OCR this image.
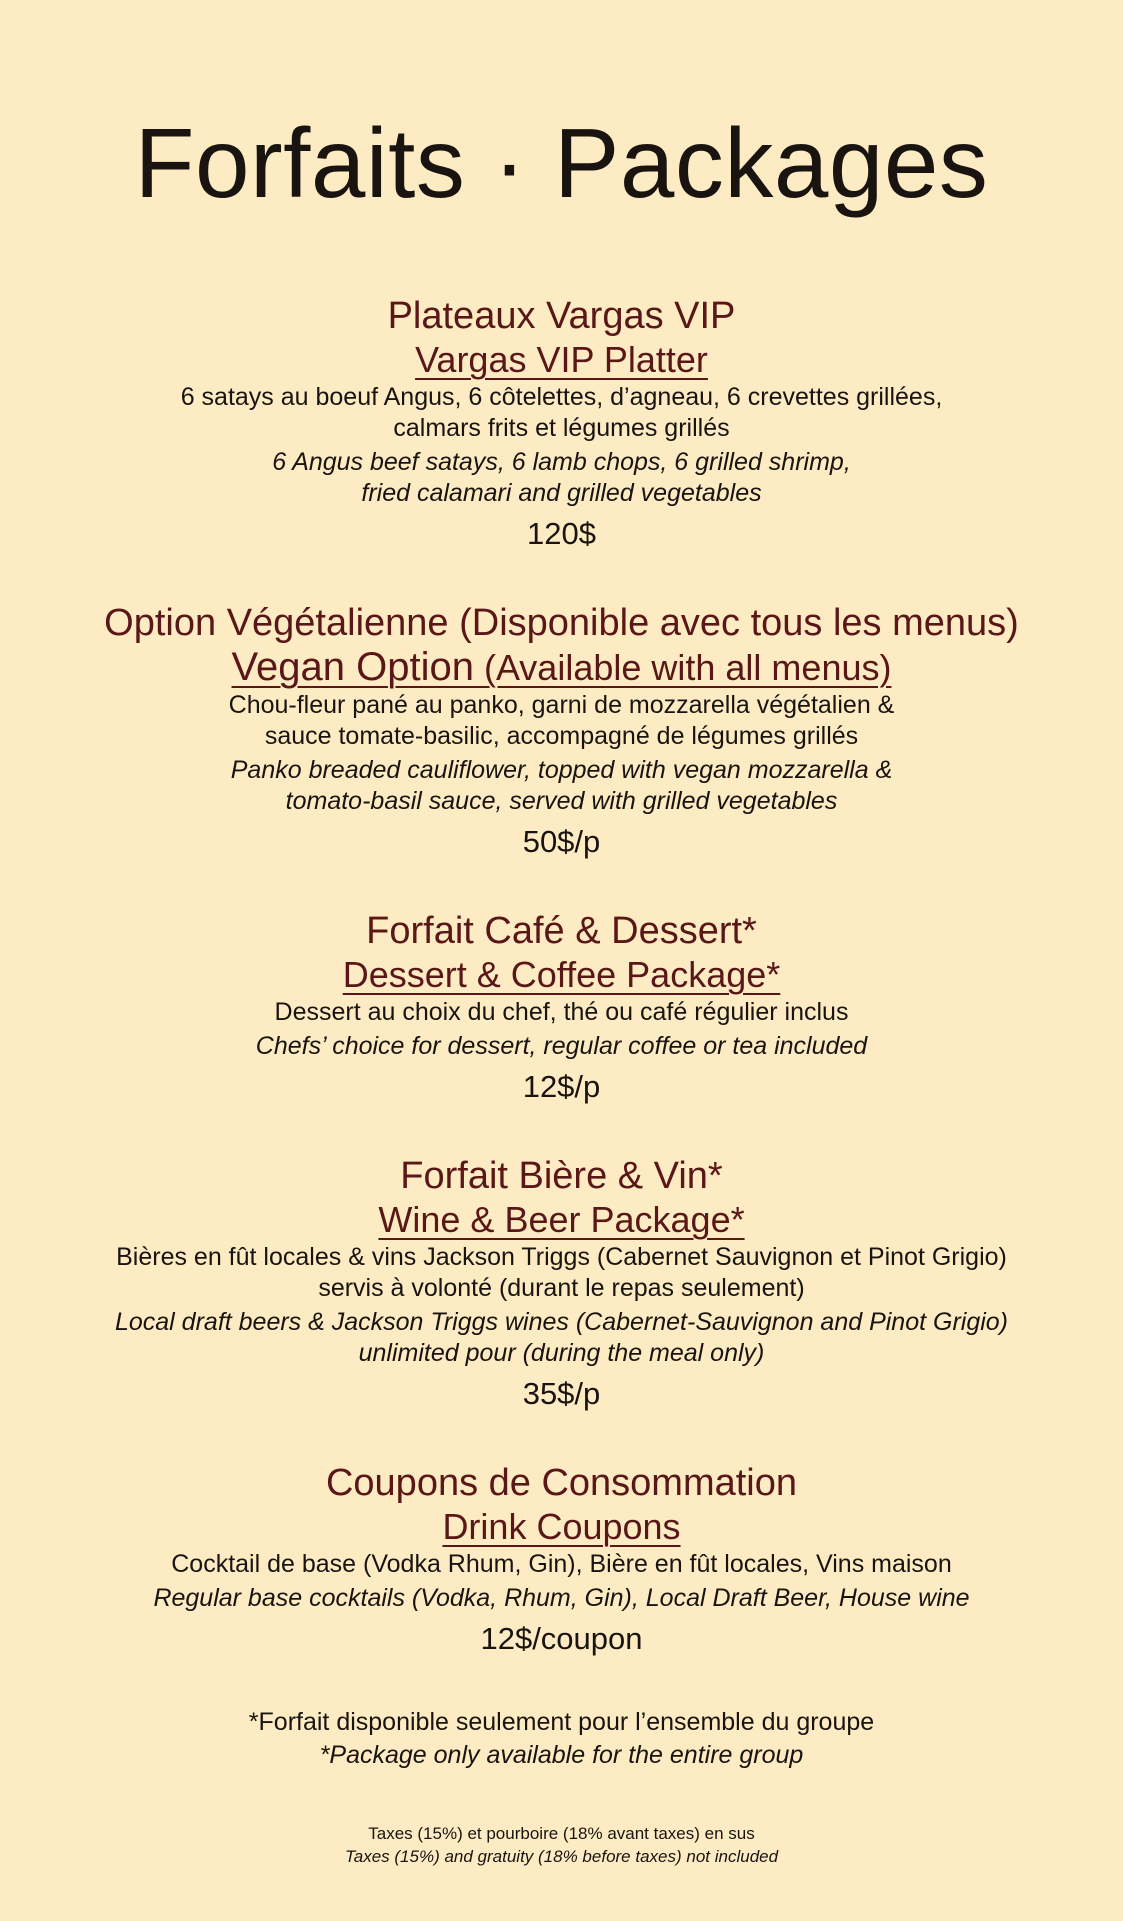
Forfaits · Packages
Plateaux Vargas VIP
Vargas VIP Platter
6 satays au boeuf Angus, 6 côtelettes, d’agneau, 6 crevettes grillées,
calmars frits et légumes grillés
6 Angus beef satays, 6 lamb chops, 6 grilled shrimp,
fried calamari and grilled vegetables
120$
Option Végétalienne (Disponible avec tous les menus)
Vegan Option (Available with all menus)
Chou-fleur pané au panko, garni de mozzarella végétalien &
sauce tomate-basilic, accompagné de légumes grillés
Panko breaded cauliflower, topped with vegan mozzarella &
tomato-basil sauce, served with grilled vegetables
50$/p
Forfait Café & Dessert*
Dessert & Coffee Package*
Dessert au choix du chef, thé ou café régulier inclus
Chefs’ choice for dessert, regular coffee or tea included
12$/p
Forfait Bière & Vin*
Wine & Beer Package*
Bières en fût locales & vins Jackson Triggs (Cabernet Sauvignon et Pinot Grigio)
servis à volonté (durant le repas seulement)
Local draft beers & Jackson Triggs wines (Cabernet-Sauvignon and Pinot Grigio)
unlimited pour (during the meal only)
35$/p
Coupons de Consommation
Drink Coupons
Cocktail de base (Vodka Rhum, Gin), Bière en fût locales, Vins maison
Regular base cocktails (Vodka, Rhum, Gin), Local Draft Beer, House wine
12$/coupon
*Forfait disponible seulement pour l’ensemble du groupe
*Package only available for the entire group
Taxes (15%) et pourboire (18% avant taxes) en sus
Taxes (15%) and gratuity (18% before taxes) not included
